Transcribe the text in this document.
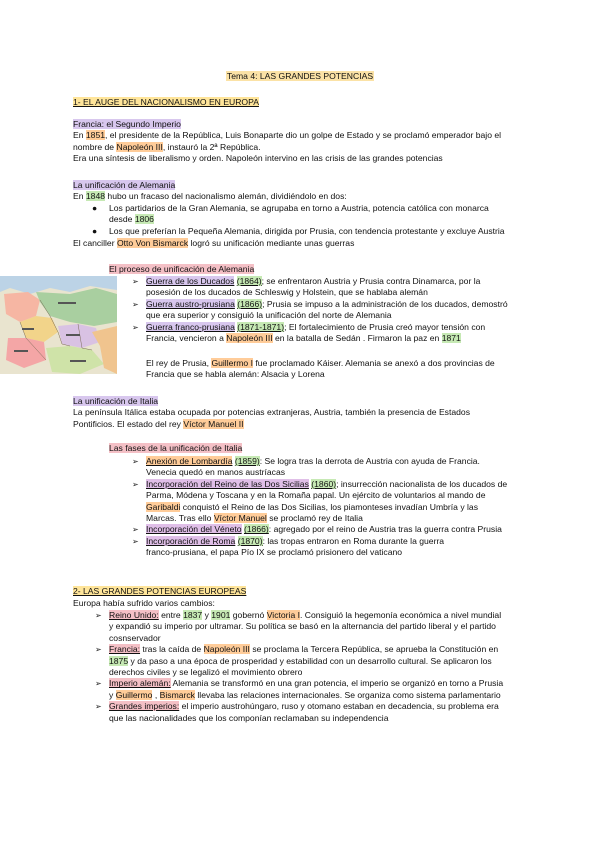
Tema 4: LAS GRANDES POTENCIAS
1- EL AUGE DEL NACIONALISMO EN EUROPA

Francia: el Segundo Imperio

En 1851, el presidente de la República, Luis Bonaparte dio un golpe de Estado y se proclamó emperador bajo el

nombre de Napoleón III, instauró la 2ª República.

Era una síntesis de liberalismo y orden. Napoleón intervino en las crisis de las grandes potencias

La unificación de Alemania

En 1848 hubo un fracaso del nacionalismo alemán, dividiéndolo en dos:

● Los partidarios de la Gran Alemania, se agrupaba en torno a Austria, potencia católica con monarca

desde 1806

● Los que preferían la Pequeña Alemania, dirigida por Prusia, con tendencia protestante y excluye Austria

El canciller Otto Von Bismarck logró su unificación mediante unas guerras

El proceso de unificación de Alemania
➢ Guerra de los Ducados (1864); se enfrentaron Austria y Prusia contra Dinamarca, por la

posesión de los ducados de Schleswig y Holstein, que se hablaba alemán

➢ Guerra austro-prusiana (1866); Prusia se impuso a la administración de los ducados, demostró

que era superior y consiguió la unificación del norte de Alemania

➢ Guerra franco-prusiana (1871-1871); El fortalecimiento de Prusia creó mayor tensión con

Francia, vencieron a Napoleón III en la batalla de Sedán . Firmaron la paz en 1871

El rey de Prusia, Guillermo I fue proclamado Káiser. Alemania se anexó a dos provincias de

Francia que se habla alemán: Alsacia y Lorena

La unificación de Italia

La península Itálica estaba ocupada por potencias extranjeras, Austria, también la presencia de Estados

Pontificios. El estado del rey Víctor Manuel II

Las fases de la unificación de Italia
➢ Anexión de Lombardía (1859): Se logra tras la derrota de Austria con ayuda de Francia.

Venecia quedó en manos austríacas

➢ Incorporación del Reino de las Dos Sicilias (1860); insurrección nacionalista de los ducados de

Parma, Módena y Toscana y en la Romaña papal. Un ejército de voluntarios al mando de

Garibaldi conquistó el Reino de las Dos Sicilias, los piamonteses invadían Umbría y las

Marcas. Tras ello Víctor Manuel se proclamó rey de Italia

➢ Incorporación del Véneto (1866): agregado por el reino de Austria tras la guerra contra Prusia

➢ Incorporación de Roma (1870): las tropas entraron en Roma durante la guerra

franco-prusiana, el papa Pío IX se proclamó prisionero del vaticano

2- LAS GRANDES POTENCIAS EUROPEAS

Europa había sufrido varios cambios:

➢ Reino Unido: entre 1837 y 1901 gobernó Victoria I. Consiguió la hegemonía económica a nivel mundial

y expandió su imperio por ultramar. Su política se basó en la alternancia del partido liberal y el partido

cosnservador

➢ Francia: tras la caída de Napoleón III se proclama la Tercera República, se aprueba la Constitución en

1875 y da paso a una época de prosperidad y estabilidad con un desarrollo cultural. Se aplicaron los

derechos civiles y se legalizó el movimiento obrero

➢ Imperio alemán: Alemania se transformó en una gran potencia, el imperio se organizó en torno a Prusia

y Guillermo , Bismarck llevaba las relaciones internacionales. Se organiza como sistema parlamentario

➢ Grandes imperios: el imperio austrohúngaro, ruso y otomano estaban en decadencia, su problema era

que las nacionalidades que los componían reclamaban su independencia
